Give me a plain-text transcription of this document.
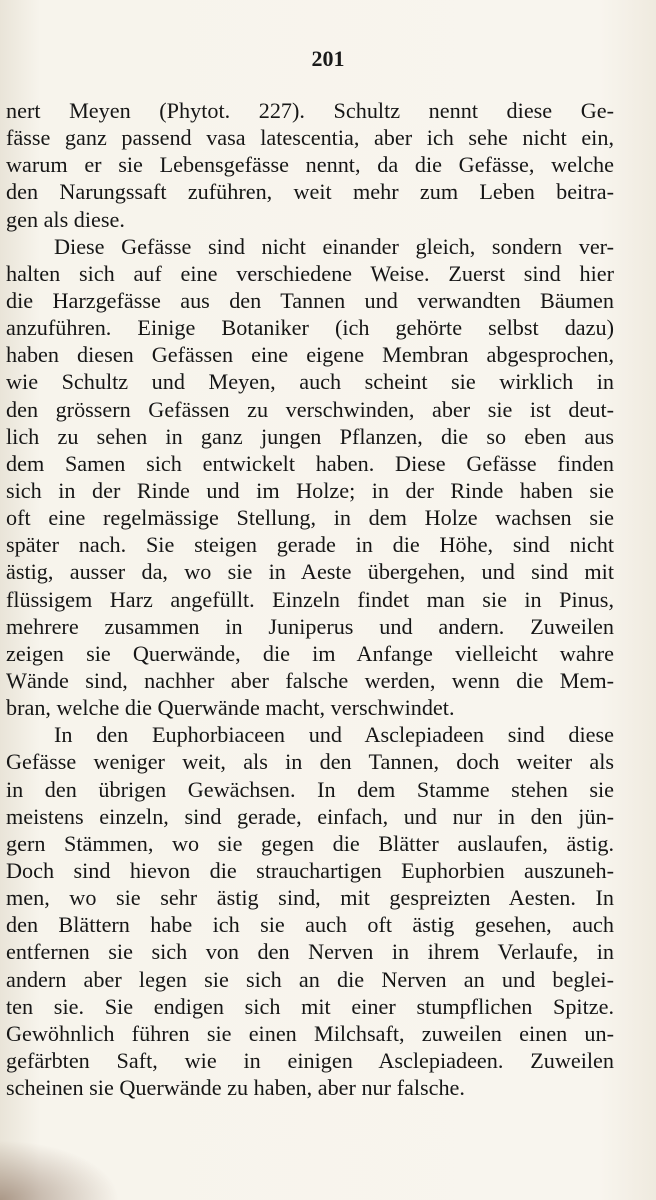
201
nert Meyen (Phytot. 227). Schultz nennt diese Ge-
fässe ganz passend vasa latescentia, aber ich sehe nicht ein,
warum er sie Lebensgefässe nennt, da die Gefässe, welche
den Narungssaft zuführen, weit mehr zum Leben beitra-
gen als diese.
Diese Gefässe sind nicht einander gleich, sondern ver-
halten sich auf eine verschiedene Weise. Zuerst sind hier
die Harzgefässe aus den Tannen und verwandten Bäumen
anzuführen. Einige Botaniker (ich gehörte selbst dazu)
haben diesen Gefässen eine eigene Membran abgesprochen,
wie Schultz und Meyen, auch scheint sie wirklich in
den grössern Gefässen zu verschwinden, aber sie ist deut-
lich zu sehen in ganz jungen Pflanzen, die so eben aus
dem Samen sich entwickelt haben. Diese Gefässe finden
sich in der Rinde und im Holze; in der Rinde haben sie
oft eine regelmässige Stellung, in dem Holze wachsen sie
später nach. Sie steigen gerade in die Höhe, sind nicht
ästig, ausser da, wo sie in Aeste übergehen, und sind mit
flüssigem Harz angefüllt. Einzeln findet man sie in Pinus,
mehrere zusammen in Juniperus und andern. Zuweilen
zeigen sie Querwände, die im Anfange vielleicht wahre
Wände sind, nachher aber falsche werden, wenn die Mem-
bran, welche die Querwände macht, verschwindet.
In den Euphorbiaceen und Asclepiadeen sind diese
Gefässe weniger weit, als in den Tannen, doch weiter als
in den übrigen Gewächsen. In dem Stamme stehen sie
meistens einzeln, sind gerade, einfach, und nur in den jün-
gern Stämmen, wo sie gegen die Blätter auslaufen, ästig.
Doch sind hievon die strauchartigen Euphorbien auszuneh-
men, wo sie sehr ästig sind, mit gespreizten Aesten. In
den Blättern habe ich sie auch oft ästig gesehen, auch
entfernen sie sich von den Nerven in ihrem Verlaufe, in
andern aber legen sie sich an die Nerven an und beglei-
ten sie. Sie endigen sich mit einer stumpflichen Spitze.
Gewöhnlich führen sie einen Milchsaft, zuweilen einen un-
gefärbten Saft, wie in einigen Asclepiadeen. Zuweilen
scheinen sie Querwände zu haben, aber nur falsche.
